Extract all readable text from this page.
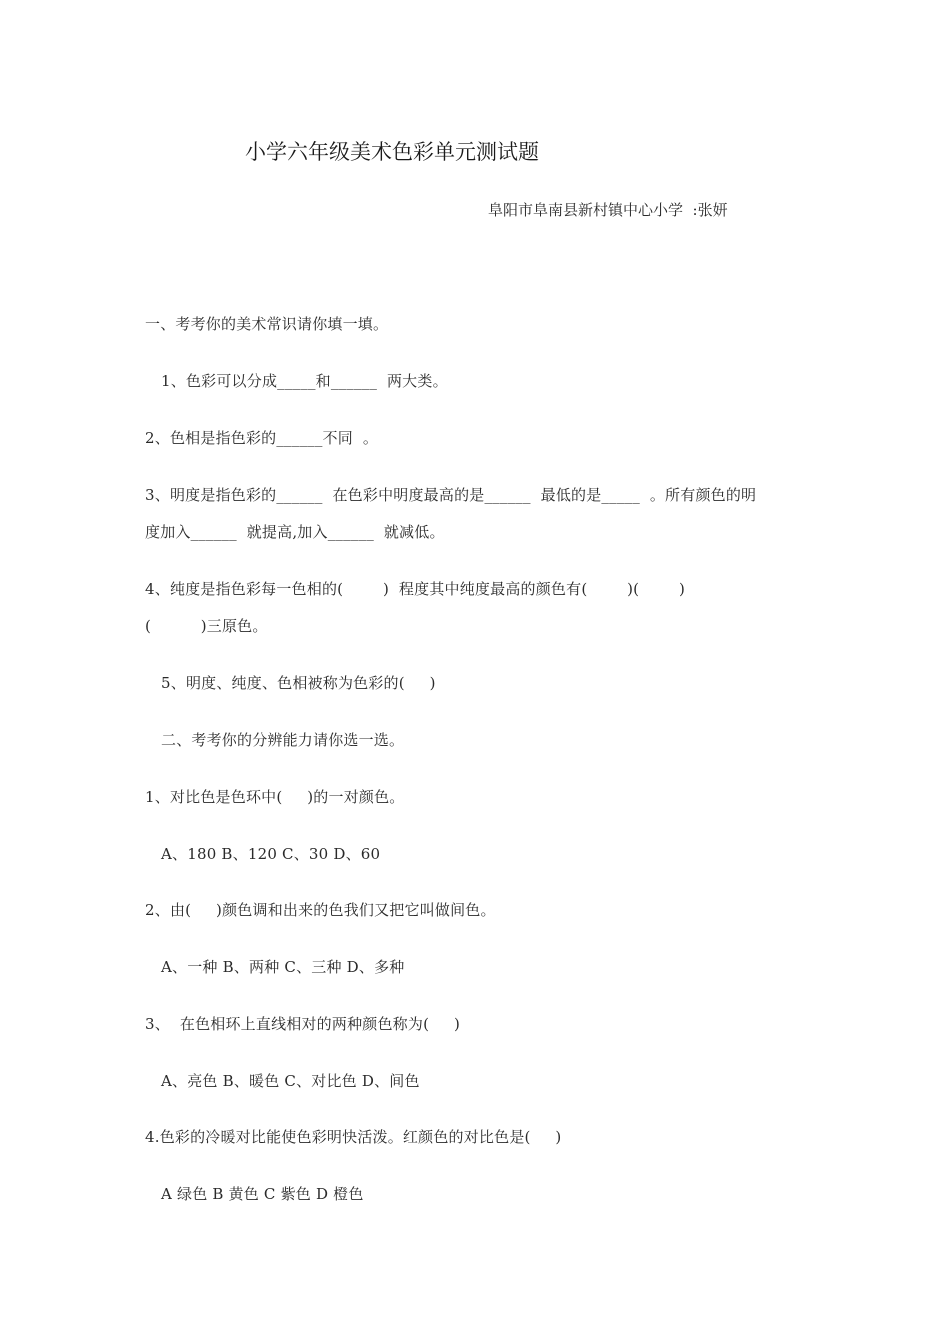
小学六年级美术色彩单元测试题
阜阳市阜南县新村镇中心小学  :张妍
一、考考你的美术常识请你填一填。
1、色彩可以分成_____和______  两大类。
2、色相是指色彩的______不同  。
3、明度是指色彩的______  在色彩中明度最高的是______  最低的是_____  。所有颜色的明
度加入______  就提高,加入______  就减低。
4、纯度是指色彩每一色相的(        )  程度其中纯度最高的颜色有(        )(        )
(          )三原色。
5、明度、纯度、色相被称为色彩的(     )
二、考考你的分辨能力请你选一选。
1、对比色是色环中(     )的一对颜色。
A、180 B、120 C、30 D、60
2、由(     )颜色调和出来的色我们又把它叫做间色。
A、一种 B、两种 C、三种 D、多种
3、  在色相环上直线相对的两种颜色称为(     )
A、亮色 B、暖色 C、对比色 D、间色
4.色彩的冷暖对比能使色彩明快活泼。红颜色的对比色是(     )
A 绿色 B 黄色 C 紫色 D 橙色
